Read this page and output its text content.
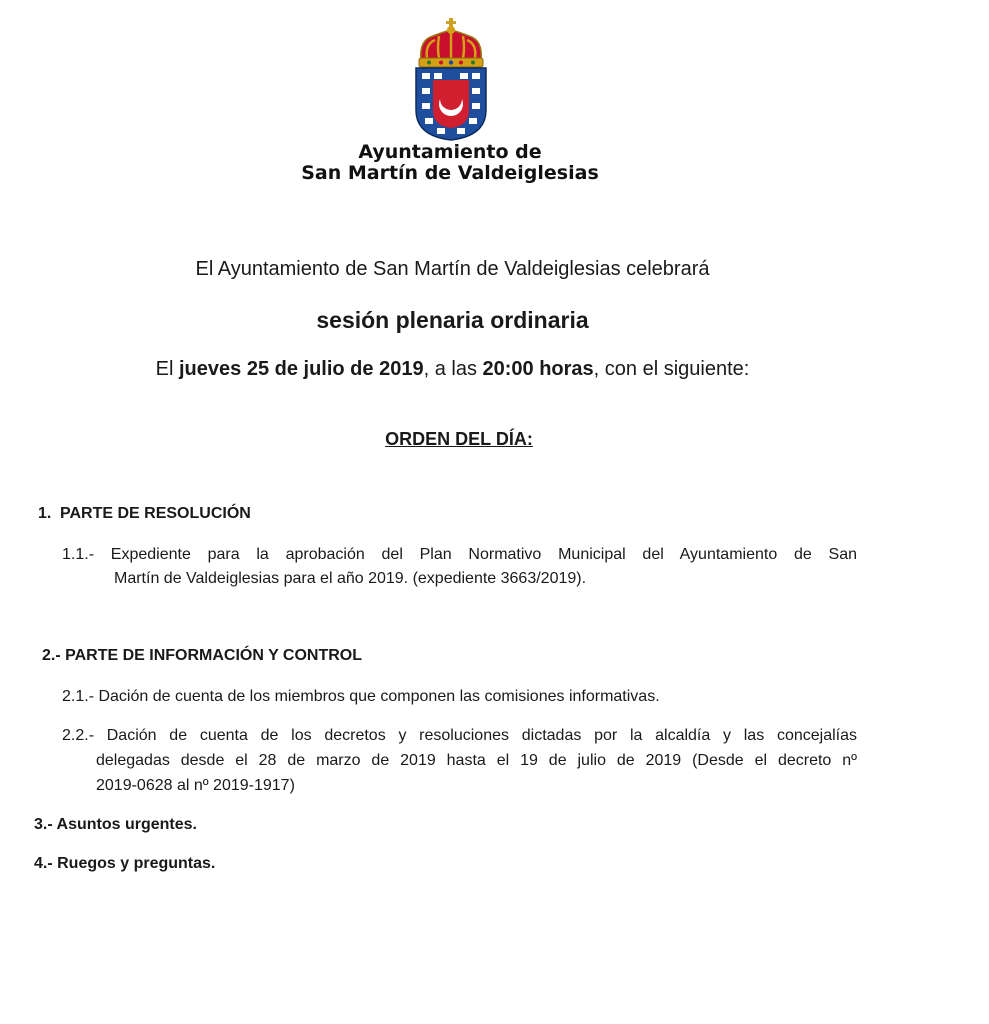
Ayuntamiento de
San Martín de Valdeiglesias
El Ayuntamiento de San Martín de Valdeiglesias celebrará
sesión plenaria ordinaria
El jueves 25 de julio de 2019, a las 20:00 horas, con el siguiente:
ORDEN DEL DÍA:
1. PARTE DE RESOLUCIÓN
1.1.- Expediente para la aprobación del Plan Normativo Municipal del Ayuntamiento de San
Martín de Valdeiglesias para el año 2019. (expediente 3663/2019).
2.- PARTE DE INFORMACIÓN Y CONTROL
2.1.- Dación de cuenta de los miembros que componen las comisiones informativas.
2.2.- Dación de cuenta de los decretos y resoluciones dictadas por la alcaldía y las concejalías
delegadas desde el 28 de marzo de 2019 hasta el 19 de julio de 2019 (Desde el decreto nº
2019-0628 al nº 2019-1917)
3.- Asuntos urgentes.
4.- Ruegos y preguntas.
